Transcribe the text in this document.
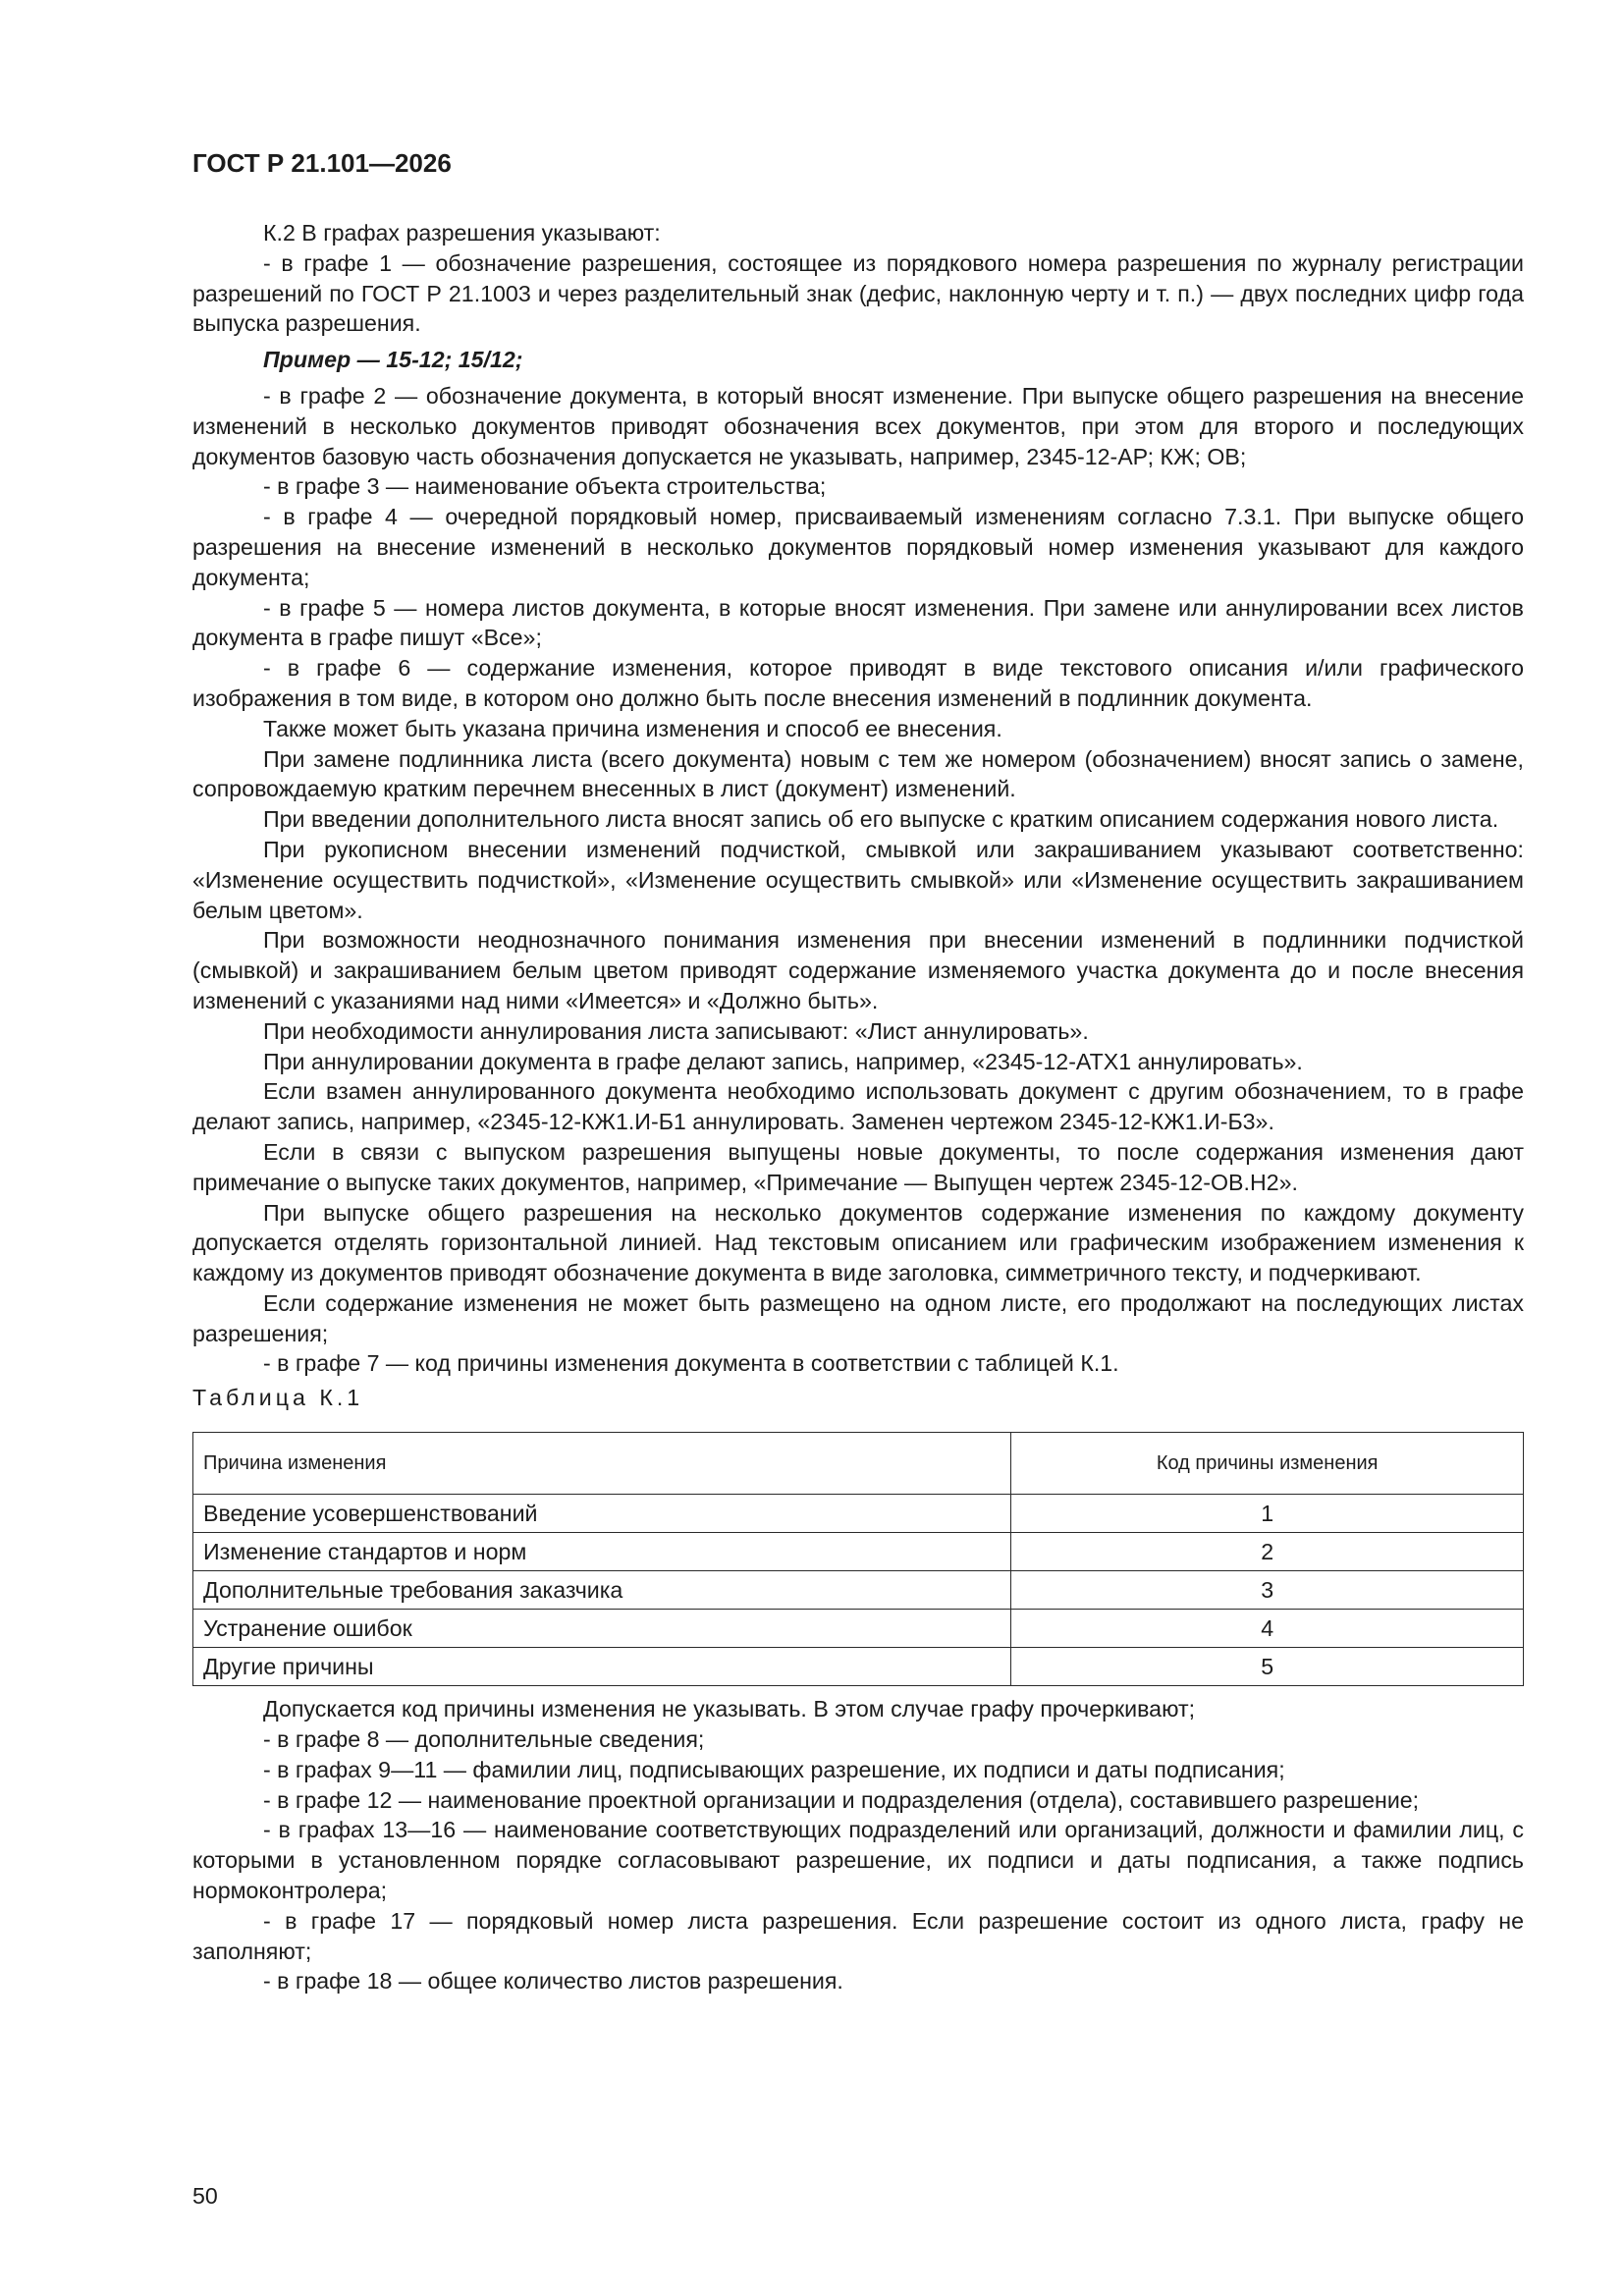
ГОСТ Р 21.101—2026

К.2 В графах разрешения указывают:

- в графе 1 — обозначение разрешения, состоящее из порядкового номера разрешения по журналу регистрации разрешений по ГОСТ Р 21.1003 и через разделительный знак (дефис, наклонную черту и т. п.) — двух последних цифр года выпуска разрешения.

Пример — 15-12; 15/12;

- в графе 2 — обозначение документа, в который вносят изменение. При выпуске общего разрешения на внесение изменений в несколько документов приводят обозначения всех документов, при этом для второго и последующих документов базовую часть обозначения допускается не указывать, например, 2345-12-АР; КЖ; ОВ;

- в графе 3 — наименование объекта строительства;

- в графе 4 — очередной порядковый номер, присваиваемый изменениям согласно 7.3.1. При выпуске общего разрешения на внесение изменений в несколько документов порядковый номер изменения указывают для каждого документа;

- в графе 5 — номера листов документа, в которые вносят изменения. При замене или аннулировании всех листов документа в графе пишут «Все»;

- в графе 6 — содержание изменения, которое приводят в виде текстового описания и/или графического изображения в том виде, в котором оно должно быть после внесения изменений в подлинник документа.

Также может быть указана причина изменения и способ ее внесения.

При замене подлинника листа (всего документа) новым с тем же номером (обозначением) вносят запись о замене, сопровождаемую кратким перечнем внесенных в лист (документ) изменений.

При введении дополнительного листа вносят запись об его выпуске с кратким описанием содержания нового листа.

При рукописном внесении изменений подчисткой, смывкой или закрашиванием указывают соответственно: «Изменение осуществить подчисткой», «Изменение осуществить смывкой» или «Изменение осуществить закрашиванием белым цветом».

При возможности неоднозначного понимания изменения при внесении изменений в подлинники подчисткой (смывкой) и закрашиванием белым цветом приводят содержание изменяемого участка документа до и после внесения изменений с указаниями над ними «Имеется» и «Должно быть».

При необходимости аннулирования листа записывают: «Лист аннулировать».

При аннулировании документа в графе делают запись, например, «2345-12-АТХ1 аннулировать».

Если взамен аннулированного документа необходимо использовать документ с другим обозначением, то в графе делают запись, например, «2345-12-КЖ1.И-Б1 аннулировать. Заменен чертежом 2345-12-КЖ1.И-Б3».

Если в связи с выпуском разрешения выпущены новые документы, то после содержания изменения дают примечание о выпуске таких документов, например, «Примечание — Выпущен чертеж 2345-12-ОВ.Н2».

При выпуске общего разрешения на несколько документов содержание изменения по каждому документу допускается отделять горизонтальной линией. Над текстовым описанием или графическим изображением изменения к каждому из документов приводят обозначение документа в виде заголовка, симметричного тексту, и подчеркивают.

Если содержание изменения не может быть размещено на одном листе, его продолжают на последующих листах разрешения;

- в графе 7 — код причины изменения документа в соответствии с таблицей К.1.

Таблица К.1
Причина изменения	Код причины изменения
Введение усовершенствований	1
Изменение стандартов и норм	2
Дополнительные требования заказчика	3
Устранение ошибок	4
Другие причины	5

Допускается код причины изменения не указывать. В этом случае графу прочеркивают;

- в графе 8 — дополнительные сведения;

- в графах 9—11 — фамилии лиц, подписывающих разрешение, их подписи и даты подписания;

- в графе 12 — наименование проектной организации и подразделения (отдела), составившего разрешение;

- в графах 13—16 — наименование соответствующих подразделений или организаций, должности и фамилии лиц, с которыми в установленном порядке согласовывают разрешение, их подписи и даты подписания, а также подпись нормоконтролера;

- в графе 17 — порядковый номер листа разрешения. Если разрешение состоит из одного листа, графу не заполняют;

- в графе 18 — общее количество листов разрешения.

50
